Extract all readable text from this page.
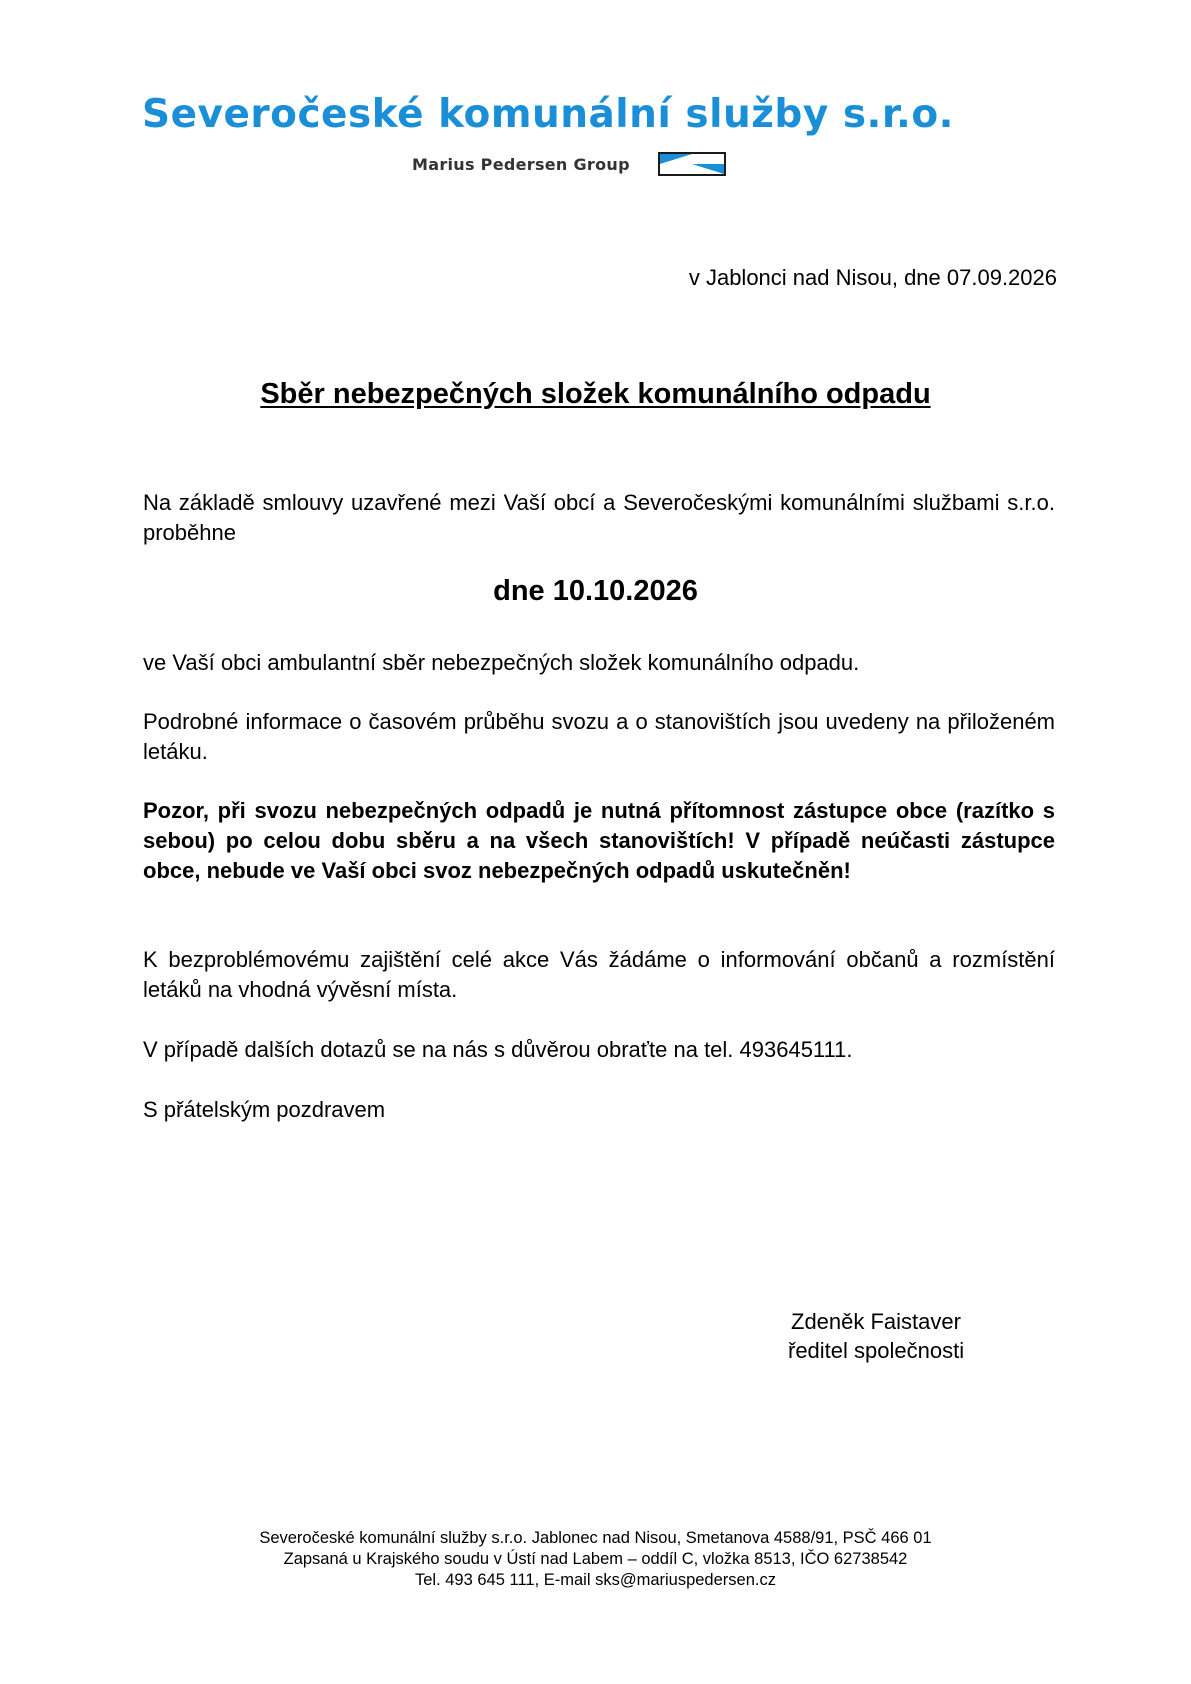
Severočeské komunální služby s.r.o.
Marius Pedersen Group
v Jablonci nad Nisou, dne 07.09.2026
Sběr nebezpečných složek komunálního odpadu
Na základě smlouvy uzavřené mezi Vaší obcí a Severočeskými komunálními službami s.r.o. proběhne
dne 10.10.2026
ve Vaší obci ambulantní sběr nebezpečných složek komunálního odpadu.
Podrobné informace o časovém průběhu svozu a o stanovištích jsou uvedeny na přiloženém letáku.
Pozor, při svozu nebezpečných odpadů je nutná přítomnost zástupce obce (razítko s sebou) po celou dobu sběru a na všech stanovištích! V případě neúčasti zástupce obce, nebude ve Vaší obci svoz nebezpečných odpadů uskutečněn!
K bezproblémovému zajištění celé akce Vás žádáme o informování občanů a rozmístění letáků na vhodná vývěsní místa.
V případě dalších dotazů se na nás s důvěrou obraťte na tel. 493645111.
S přátelským pozdravem
Zdeněk Faistaver
ředitel společnosti
Severočeské komunální služby s.r.o. Jablonec nad Nisou, Smetanova 4588/91, PSČ 466 01
Zapsaná u Krajského soudu v Ústí nad Labem – oddíl C, vložka 8513, IČO 62738542
Tel. 493 645 111, E-mail sks@mariuspedersen.cz
